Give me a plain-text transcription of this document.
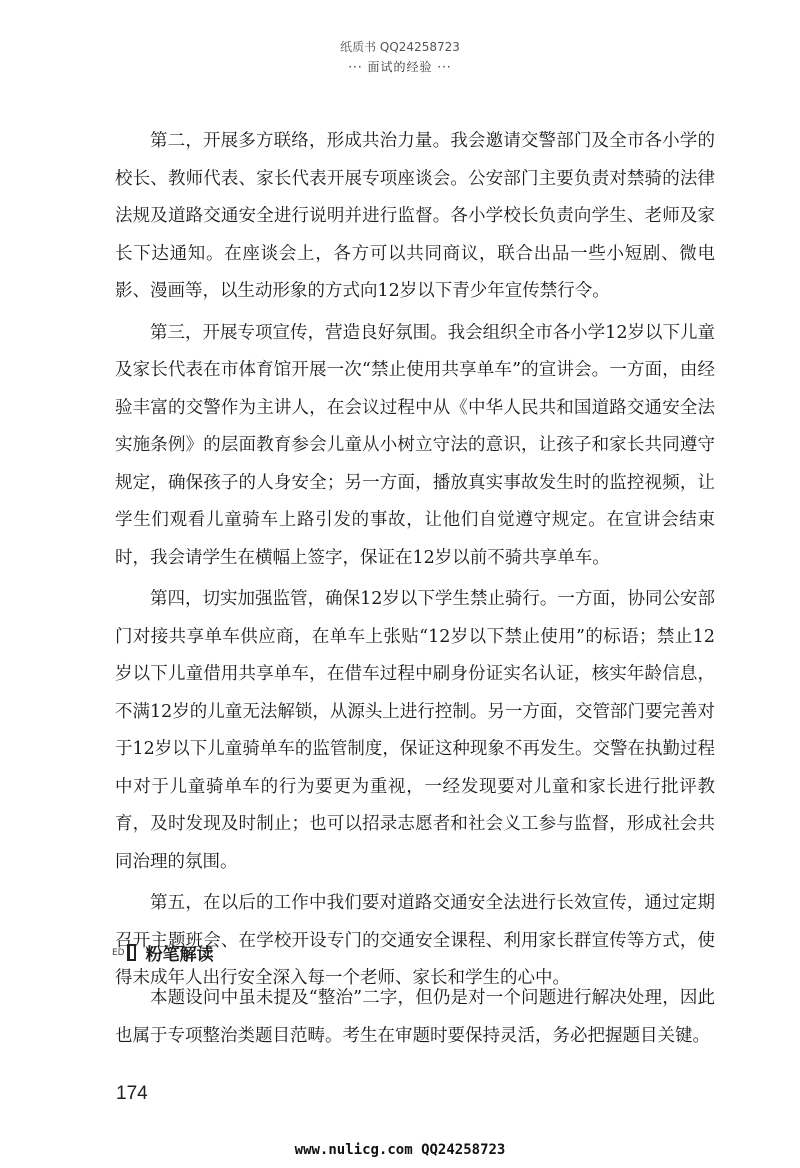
纸质书 QQ24258723
··· 面试的经验 ···

第二，开展多方联络，形成共治力量。我会邀请交警部门及全市各小学的校长、教师代表、家长代表开展专项座谈会。公安部门主要负责对禁骑的法律法规及道路交通安全进行说明并进行监督。各小学校长负责向学生、老师及家长下达通知。在座谈会上，各方可以共同商议，联合出品一些小短剧、微电影、漫画等，以生动形象的方式向12岁以下青少年宣传禁行令。

第三，开展专项宣传，营造良好氛围。我会组织全市各小学12岁以下儿童及家长代表在市体育馆开展一次“禁止使用共享单车”的宣讲会。一方面，由经验丰富的交警作为主讲人，在会议过程中从《中华人民共和国道路交通安全法实施条例》的层面教育参会儿童从小树立守法的意识，让孩子和家长共同遵守规定，确保孩子的人身安全；另一方面，播放真实事故发生时的监控视频，让学生们观看儿童骑车上路引发的事故，让他们自觉遵守规定。在宣讲会结束时，我会请学生在横幅上签字，保证在12岁以前不骑共享单车。

第四，切实加强监管，确保12岁以下学生禁止骑行。一方面，协同公安部门对接共享单车供应商，在单车上张贴“12岁以下禁止使用”的标语；禁止12岁以下儿童借用共享单车，在借车过程中刷身份证实名认证，核实年龄信息，不满12岁的儿童无法解锁，从源头上进行控制。另一方面，交管部门要完善对于12岁以下儿童骑单车的监管制度，保证这种现象不再发生。交警在执勤过程中对于儿童骑单车的行为要更为重视，一经发现要对儿童和家长进行批评教育，及时发现及时制止；也可以招录志愿者和社会义工参与监督，形成社会共同治理的氛围。

第五，在以后的工作中我们要对道路交通安全法进行长效宣传，通过定期召开主题班会、在学校开设专门的交通安全课程、利用家长群宣传等方式，使得未成年人出行安全深入每一个老师、家长和学生的心中。

ED 粉笔解读

本题设问中虽未提及“整治”二字，但仍是对一个问题进行解决处理，因此也属于专项整治类题目范畴。考生在审题时要保持灵活，务必把握题目关键。

174
www.nulicg.com QQ24258723
